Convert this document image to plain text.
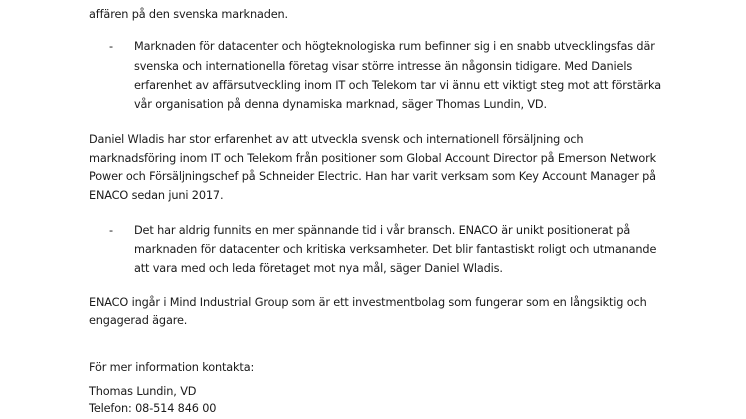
affären på den svenska marknaden.
- Marknaden för datacenter och högteknologiska rum befinner sig i en snabb utvecklingsfas där
svenska och internationella företag visar större intresse än någonsin tidigare. Med Daniels
erfarenhet av affärsutveckling inom IT och Telekom tar vi ännu ett viktigt steg mot att förstärka
vår organisation på denna dynamiska marknad, säger Thomas Lundin, VD.
Daniel Wladis har stor erfarenhet av att utveckla svensk och internationell försäljning och
marknadsföring inom IT och Telekom från positioner som Global Account Director på Emerson Network
Power och Försäljningschef på Schneider Electric. Han har varit verksam som Key Account Manager på
ENACO sedan juni 2017.
- Det har aldrig funnits en mer spännande tid i vår bransch. ENACO är unikt positionerat på
marknaden för datacenter och kritiska verksamheter. Det blir fantastiskt roligt och utmanande
att vara med och leda företaget mot nya mål, säger Daniel Wladis.
ENACO ingår i Mind Industrial Group som är ett investmentbolag som fungerar som en långsiktig och
engagerad ägare.
För mer information kontakta:
Thomas Lundin, VD
Telefon: 08-514 846 00
